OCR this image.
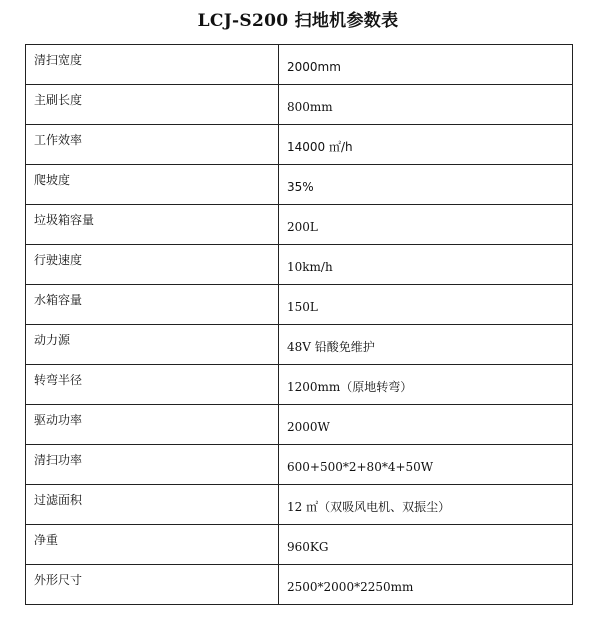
LCJ-S200 扫地机参数表
清扫宽度	2000mm
主刷长度	800mm
工作效率	14000 ㎡/h
爬坡度	35%
垃圾箱容量	200L
行驶速度	10km/h
水箱容量	150L
动力源	48V 铅酸免维护
转弯半径	1200mm（原地转弯）
驱动功率	2000W
清扫功率	600+500*2+80*4+50W
过滤面积	12 ㎡（双吸风电机、双振尘）
净重	960KG
外形尺寸	2500*2000*2250mm
